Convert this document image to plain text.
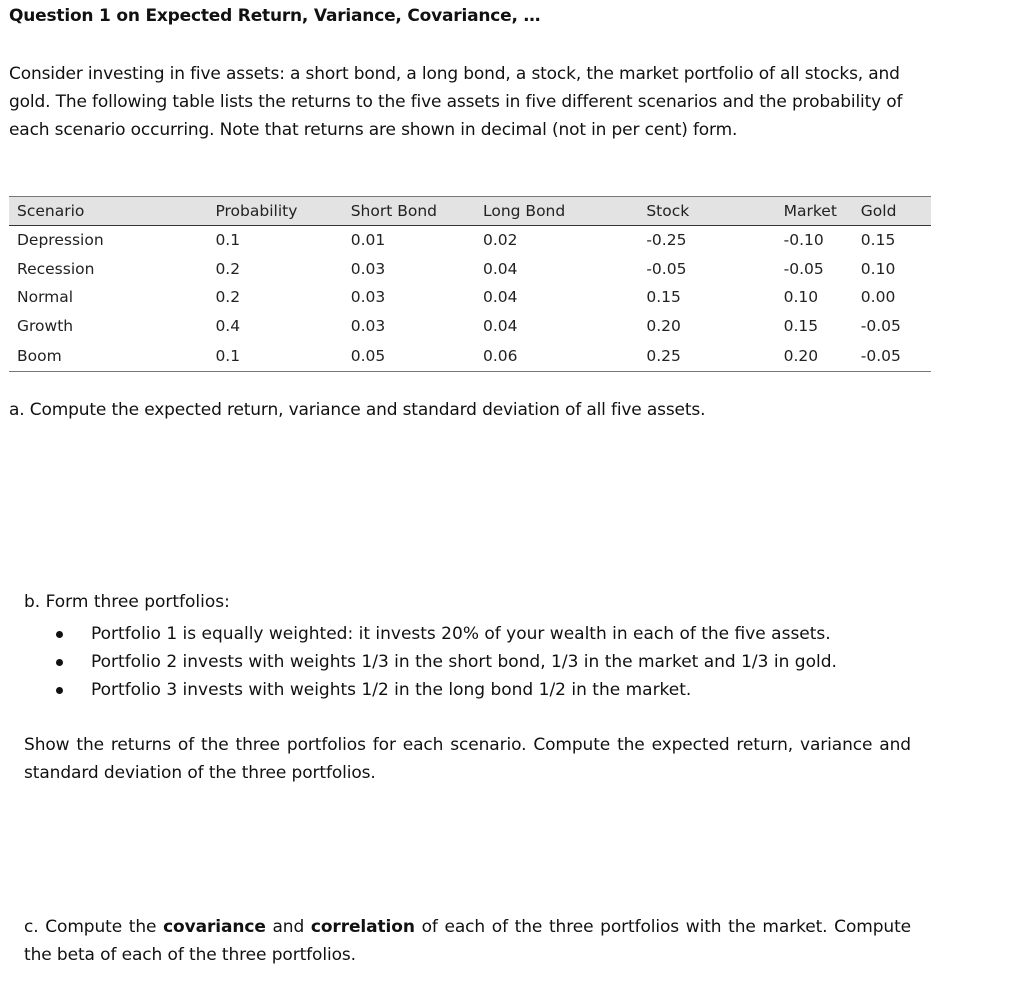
Question 1 on Expected Return, Variance, Covariance, …
Consider investing in five assets: a short bond, a long bond, a stock, the market portfolio of all stocks, and gold. The following table lists the returns to the five assets in five different scenarios and the probability of each scenario occurring. Note that returns are shown in decimal (not in per cent) form.
Scenario	Probability	Short Bond	Long Bond	Stock	Market	Gold
Depression	0.1	0.01	0.02	-0.25	-0.10	0.15
Recession	0.2	0.03	0.04	-0.05	-0.05	0.10
Normal	0.2	0.03	0.04	0.15	0.10	0.00
Growth	0.4	0.03	0.04	0.20	0.15	-0.05
Boom	0.1	0.05	0.06	0.25	0.20	-0.05
a. Compute the expected return, variance and standard deviation of all five assets.
b. Form three portfolios:
Portfolio 1 is equally weighted: it invests 20% of your wealth in each of the five assets.
Portfolio 2 invests with weights 1/3 in the short bond, 1/3 in the market and 1/3 in gold.
Portfolio 3 invests with weights 1/2 in the long bond 1/2 in the market.
Show the returns of the three portfolios for each scenario. Compute the expected return, variance and standard deviation of the three portfolios.
c. Compute the covariance and correlation of each of the three portfolios with the market. Compute the beta of each of the three portfolios.
